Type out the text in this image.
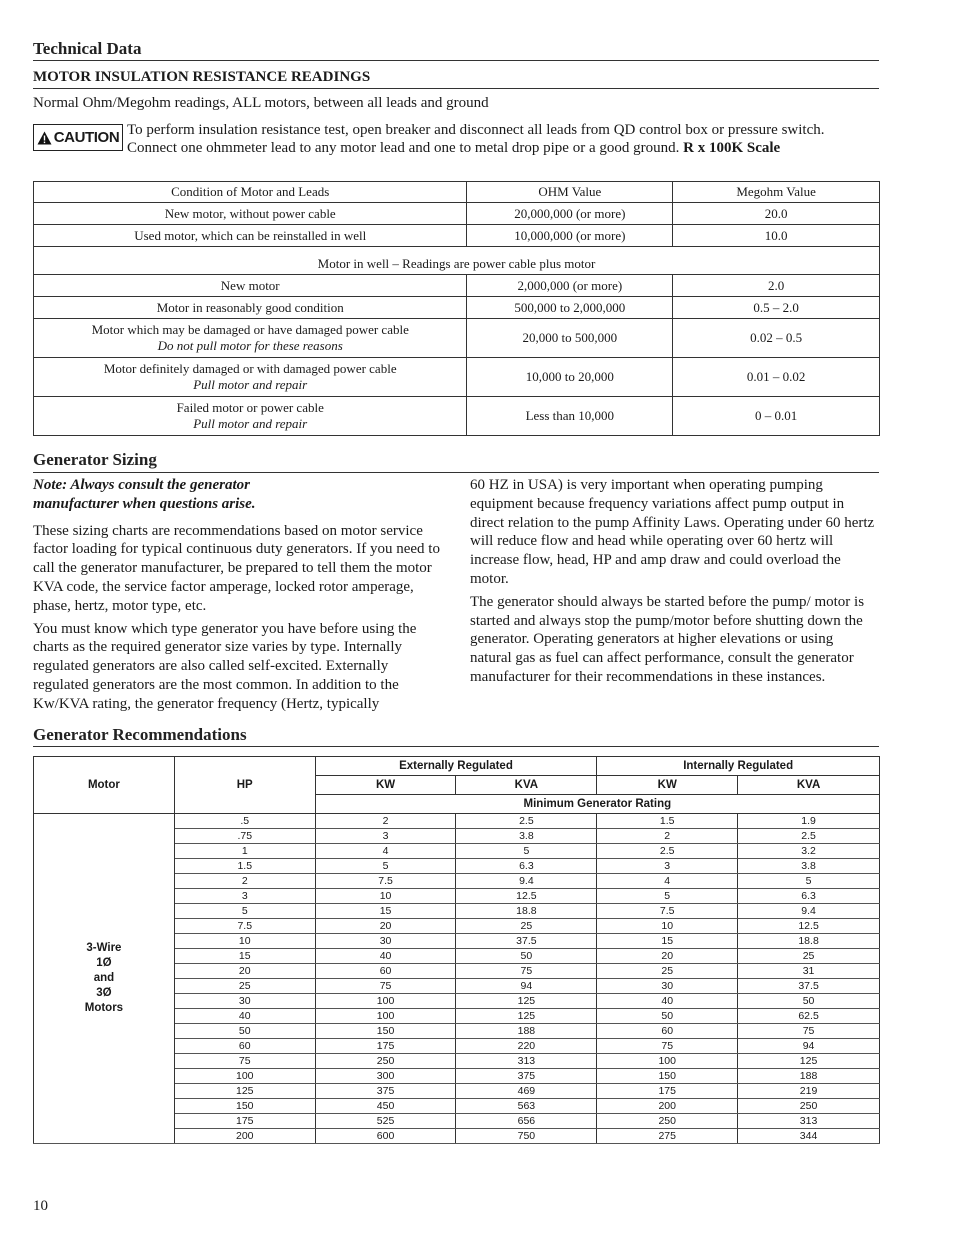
Technical Data
MOTOR INSULATION RESISTANCE READINGS
Normal Ohm/Megohm readings, ALL motors, between all leads and ground
CAUTION To perform insulation resistance test, open breaker and disconnect all leads from QD control box or pressure switch. Connect one ohmmeter lead to any motor lead and one to metal drop pipe or a good ground. R x 100K Scale
Condition of Motor and Leads	OHM Value	Megohm Value
New motor, without power cable	20,000,000 (or more)	20.0
Used motor, which can be reinstalled in well	10,000,000 (or more)	10.0
Motor in well – Readings are power cable plus motor		
New motor	2,000,000 (or more)	2.0
Motor in reasonably good condition	500,000 to 2,000,000	0.5 – 2.0

Motor which may be damaged or have damaged power cable
Do not pull motor for these reasons	20,000 to 500,000	0.02 – 0.5

Motor definitely damaged or with damaged power cable
Pull motor and repair	10,000 to 20,000	0.01 – 0.02

Failed motor or power cable
Pull motor and repair	Less than 10,000	0 – 0.01
Generator Sizing
Note: Always consult the generator manufacturer when questions arise.
These sizing charts are recommendations based on motor service factor loading for typical continuous duty generators. If you need to call the generator manufacturer, be prepared to tell them the motor KVA code, the service factor amperage, locked rotor amperage, phase, hertz, motor type, etc.
You must know which type generator you have before using the charts as the required generator size varies by type. Internally regulated generators are also called self-excited. Externally regulated generators are the most common. In addition to the Kw/KVA rating, the generator frequency (Hertz, typically
60 HZ in USA) is very important when operating pumping equipment because frequency variations affect pump output in direct relation to the pump Affinity Laws. Operating under 60 hertz will reduce flow and head while operating over 60 hertz will increase flow, head, HP and amp draw and could overload the motor.
The generator should always be started before the pump/ motor is started and always stop the pump/motor before shutting down the generator. Operating generators at higher elevations or using natural gas as fuel can affect performance, consult the generator manufacturer for their recommendations in these instances.
Generator Recommendations
Motor	HP	Externally Regulated		Internally Regulated	
		KW	KVA	KW	KVA
		Minimum Generator Rating			

3-Wire
1Ø
and
3Ø
Motors	.5	2	2.5	1.5	1.9
	.75	3	3.8	2	2.5
	1	4	5	2.5	3.2
	1.5	5	6.3	3	3.8
	2	7.5	9.4	4	5
	3	10	12.5	5	6.3
	5	15	18.8	7.5	9.4
	7.5	20	25	10	12.5
	10	30	37.5	15	18.8
	15	40	50	20	25
	20	60	75	25	31
	25	75	94	30	37.5
	30	100	125	40	50
	40	100	125	50	62.5
	50	150	188	60	75
	60	175	220	75	94
	75	250	313	100	125
	100	300	375	150	188
	125	375	469	175	219
	150	450	563	200	250
	175	525	656	250	313
	200	600	750	275	344
10
